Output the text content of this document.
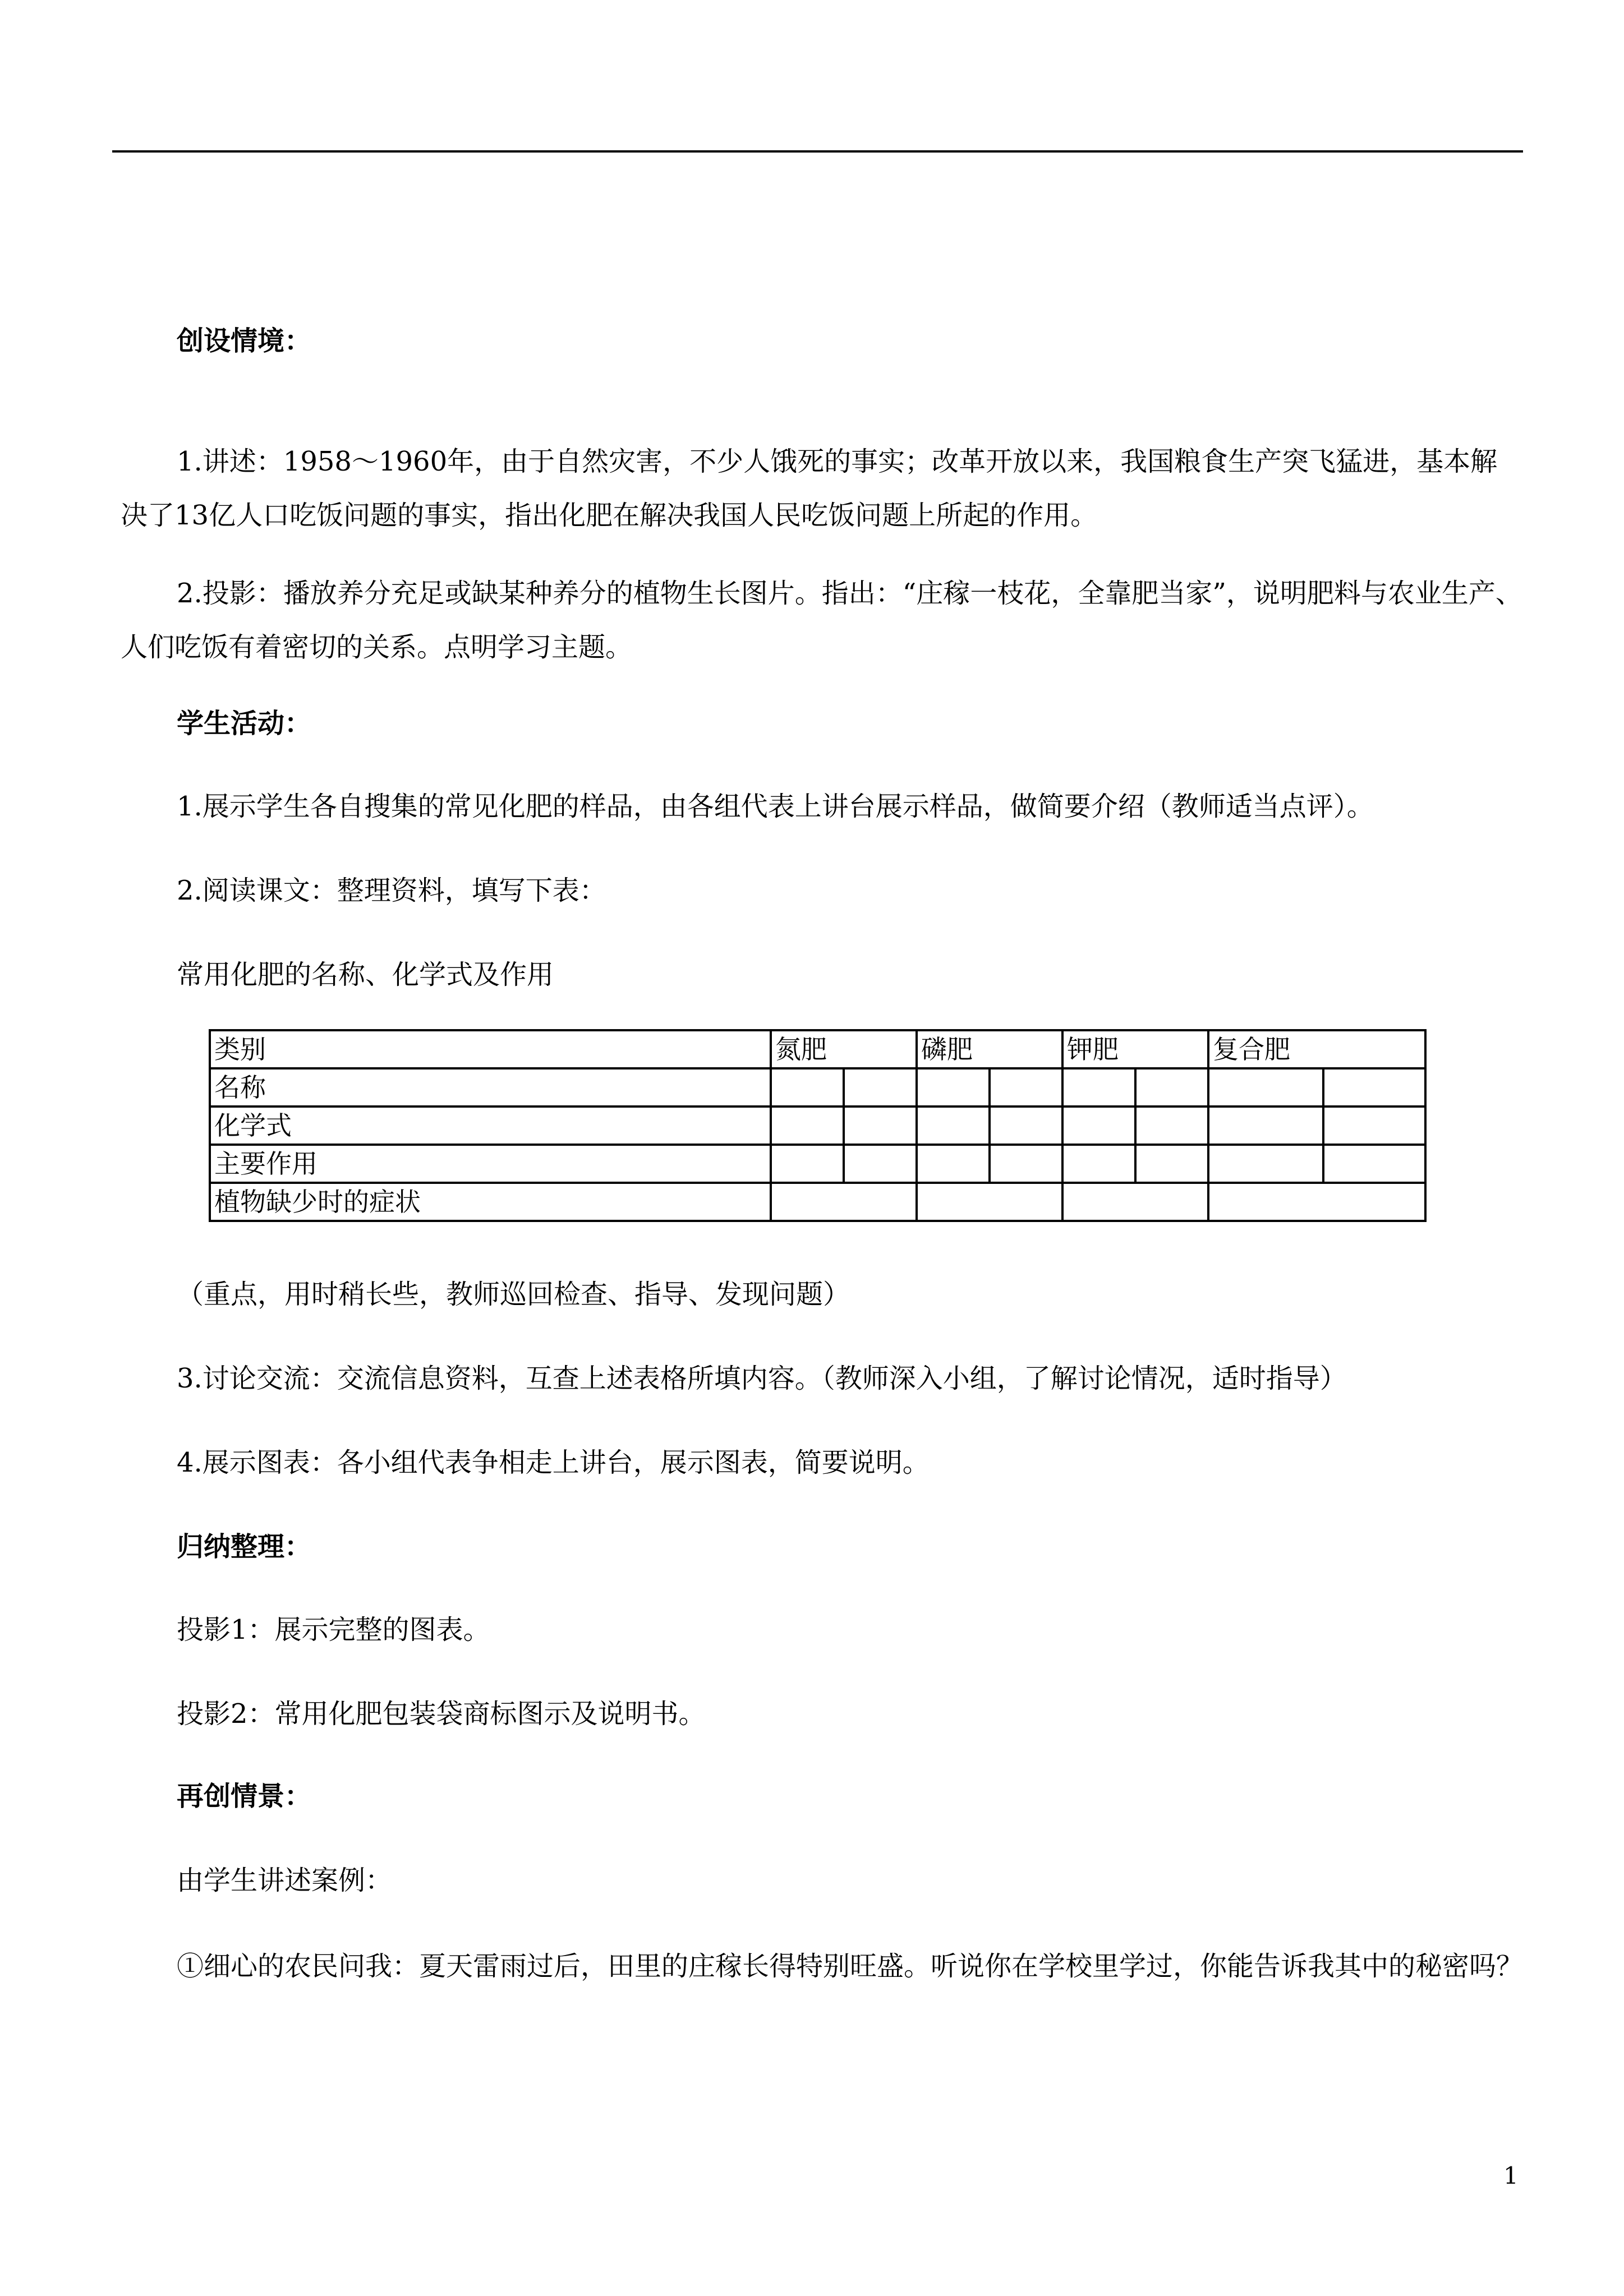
创设情境：

1.讲述：1958～1960年，由于自然灾害，不少人饿死的事实；改革开放以来，我国粮食生产突飞猛进，基本解决了13亿人口吃饭问题的事实，指出化肥在解决我国人民吃饭问题上所起的作用。

2.投影：播放养分充足或缺某种养分的植物生长图片。指出：“庄稼一枝花，全靠肥当家”，说明肥料与农业生产、人们吃饭有着密切的关系。点明学习主题。

学生活动：

1.展示学生各自搜集的常见化肥的样品，由各组代表上讲台展示样品，做简要介绍（教师适当点评）。

2.阅读课文：整理资料，填写下表：

常用化肥的名称、化学式及作用

（重点，用时稍长些，教师巡回检查、指导、发现问题）

3.讨论交流：交流信息资料，互查上述表格所填内容。（教师深入小组，了解讨论情况，适时指导）

4.展示图表：各小组代表争相走上讲台，展示图表，简要说明。

归纳整理：

投影1：展示完整的图表。

投影2：常用化肥包装袋商标图示及说明书。

再创情景：

由学生讲述案例：

①细心的农民问我：夏天雷雨过后，田里的庄稼长得特别旺盛。听说你在学校里学过，你能告诉我其中的秘密吗？

类别	氮肥		磷肥		钾肥		复合肥	
名称								
化学式								
主要作用								
植物缺少时的症状								
1
